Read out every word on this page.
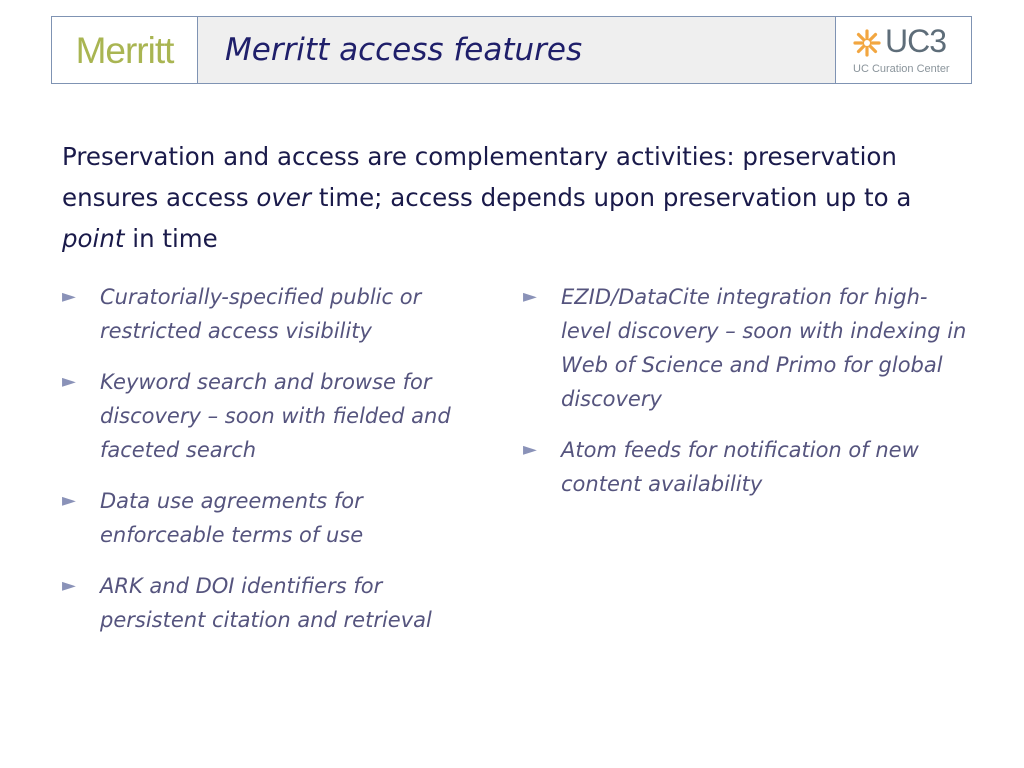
Merritt Merritt access features	UC3
UC Curation Center

Preservation and access are complementary activities: preservation ensures access over time; access depends upon preservation up to a point in time

► Curatorially-specified public or restricted access visibility
► Keyword search and browse for discovery – soon with fielded and faceted search
► Data use agreements for enforceable terms of use
► ARK and DOI identifiers for persistent citation and retrieval
► EZID/DataCite integration for high-level discovery – soon with indexing in Web of Science and Primo for global discovery
► Atom feeds for notification of new content availability
